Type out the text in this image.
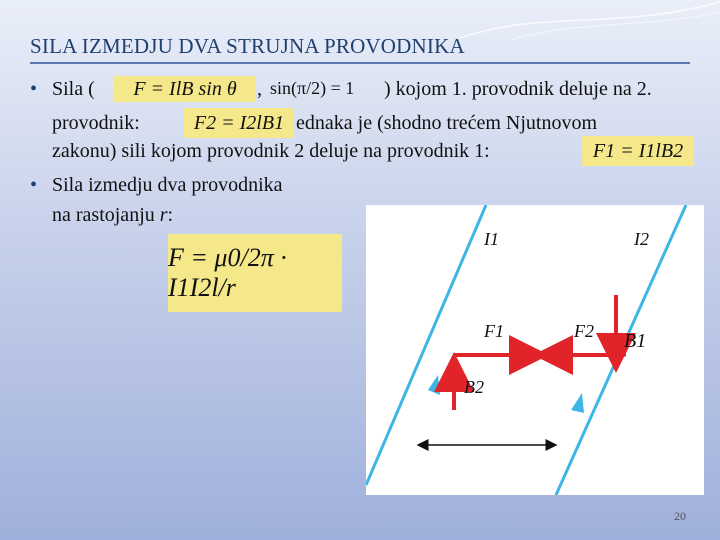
SILA IZMEDJU DVA STRUJNA PROVODNIKA
• Sila (	F = IlB sin θ	, sin(π/2) = 1 ) kojom 1. provodnik deluje na 2.
provodnik:	F2 = I2lB1 ednaka je (shodno trećem Njutnovom
zakonu) sili kojom provodnik 2 deluje na provodnik 1:	F1 = I1lB2
• Sila izmedju dva provodnika
na rastojanju r:
F = μ0/2π · I1I2l/r
I1	I2
F1	F2 B1
B2
20
